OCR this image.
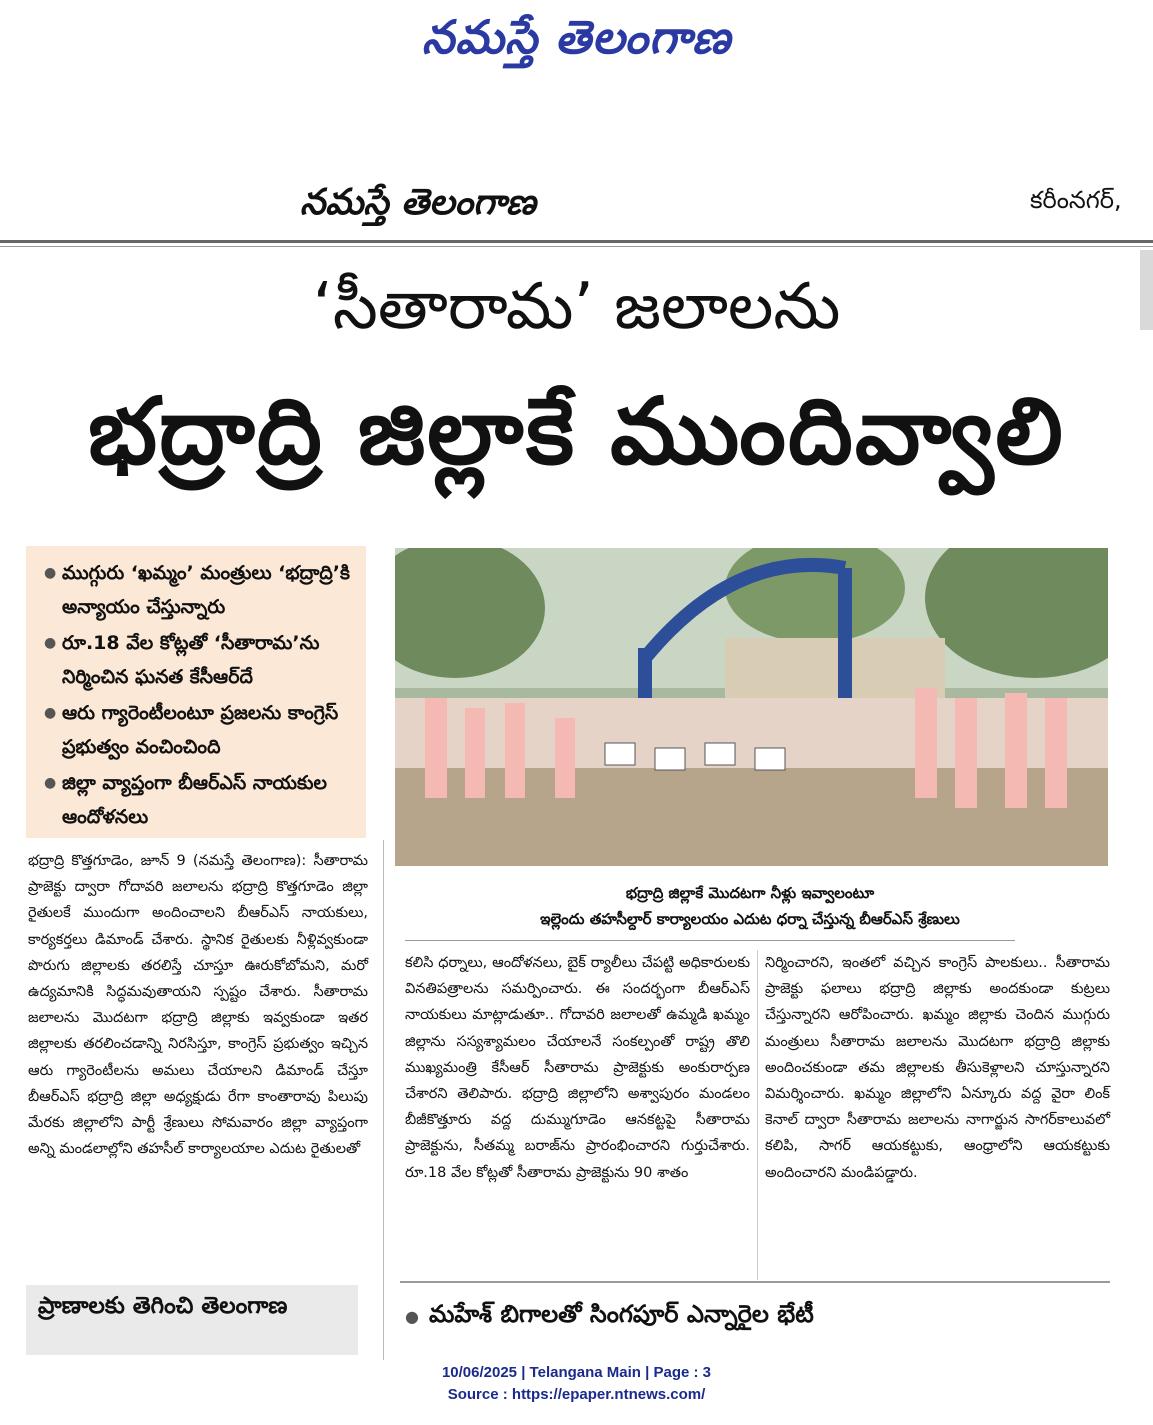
నమస్తే తెలంగాణ
నమస్తే తెలంగాణ	కరీంనగర్,
‘సీతారామ’ జలాలను
భద్రాద్రి జిల్లాకే ముందివ్వాలి
● ముగ్గురు ‘ఖమ్మం’ మంత్రులు ‘భద్రాద్రి’కి అన్యాయం చేస్తున్నారు
● రూ.18 వేల కోట్లతో ‘సీతారామ’ను నిర్మించిన ఘనత కేసీఆర్‌దే
● ఆరు గ్యారెంటీలంటూ ప్రజలను కాంగ్రెస్ ప్రభుత్వం వంచించింది
● జిల్లా వ్యాప్తంగా బీఆర్‌ఎస్ నాయకుల ఆందోళనలు
భద్రాద్రి జిల్లాకే మొదటగా నీళ్లు ఇవ్వాలంటూ
ఇల్లెందు తహసీల్దార్ కార్యాలయం ఎదుట ధర్నా చేస్తున్న బీఆర్‌ఎస్ శ్రేణులు
భద్రాద్రి కొత్తగూడెం, జూన్ 9 (నమస్తే తెలంగాణ): సీతారామ ప్రాజెక్టు ద్వారా గోదావరి జలాలను భద్రాద్రి కొత్తగూడెం జిల్లా రైతులకే ముందుగా అందించాలని బీఆర్‌ఎస్ నాయకులు, కార్యకర్తలు డిమాండ్ చేశారు. స్థానిక రైతులకు నీళ్లివ్వకుండా పొరుగు జిల్లాలకు తరలిస్తే చూస్తూ ఊరుకోబోమని, మరో ఉద్యమానికి సిద్ధమవుతాయని స్పష్టం చేశారు. సీతారామ జలాలను మొదటగా భద్రాద్రి జిల్లాకు ఇవ్వకుండా ఇతర జిల్లాలకు తరలించడాన్ని నిరసిస్తూ, కాంగ్రెస్ ప్రభుత్వం ఇచ్చిన ఆరు గ్యారెంటీలను అమలు చేయాలని డిమాండ్ చేస్తూ బీఆర్‌ఎస్ భద్రాద్రి జిల్లా అధ్యక్షుడు రేగా కాంతారావు పిలుపు మేరకు జిల్లాలోని పార్టీ శ్రేణులు సోమవారం జిల్లా వ్యాప్తంగా అన్ని మండలాల్లోని తహసీల్ కార్యాలయాల ఎదుట రైతులతో
కలిసి ధర్నాలు, ఆందోళనలు, బైక్ ర్యాలీలు చేపట్టి అధికారులకు వినతిపత్రాలను సమర్పించారు. ఈ సందర్భంగా బీఆర్‌ఎస్ నాయకులు మాట్లాడుతూ.. గోదావరి జలాలతో ఉమ్మడి ఖమ్మం జిల్లాను సస్యశ్యామలం చేయాలనే సంకల్పంతో రాష్ట్ర తొలి ముఖ్యమంత్రి కేసీఆర్ సీతారామ ప్రాజెక్టుకు అంకురార్పణ చేశారని తెలిపారు. భద్రాద్రి జిల్లాలోని అశ్వాపురం మండలం బీజీకొత్తూరు వద్ద దుమ్ముగూడెం ఆనకట్టపై సీతారామ ప్రాజెక్టును, సీతమ్మ బరాజ్‌ను ప్రారంభించారని గుర్తుచేశారు. రూ.18 వేల కోట్లతో సీతారామ ప్రాజెక్టును 90 శాతం
నిర్మించారని, ఇంతలో వచ్చిన కాంగ్రెస్ పాలకులు.. సీతారామ ప్రాజెక్టు ఫలాలు భద్రాద్రి జిల్లాకు అందకుండా కుట్రలు చేస్తున్నారని ఆరోపించారు. ఖమ్మం జిల్లాకు చెందిన ముగ్గురు మంత్రులు సీతారామ జలాలను మొదటగా భద్రాద్రి జిల్లాకు అందించకుండా తమ జిల్లాలకు తీసుకెళ్లాలని చూస్తున్నారని విమర్శించారు. ఖమ్మం జిల్లాలోని ఏన్కూరు వద్ద వైరా లింక్ కెనాల్ ద్వారా సీతారామ జలాలను నాగార్జున సాగర్‌కాలువలో కలిపి, సాగర్ ఆయకట్టుకు, ఆంధ్రాలోని ఆయకట్టుకు అందించారని మండిపడ్డారు.
● మహేశ్ బిగాలతో సింగపూర్ ఎన్నారైల భేటీ
ప్రాణాలకు తెగించి తెలంగాణ
10/06/2025 | Telangana Main | Page : 3
Source : https://epaper.ntnews.com/
